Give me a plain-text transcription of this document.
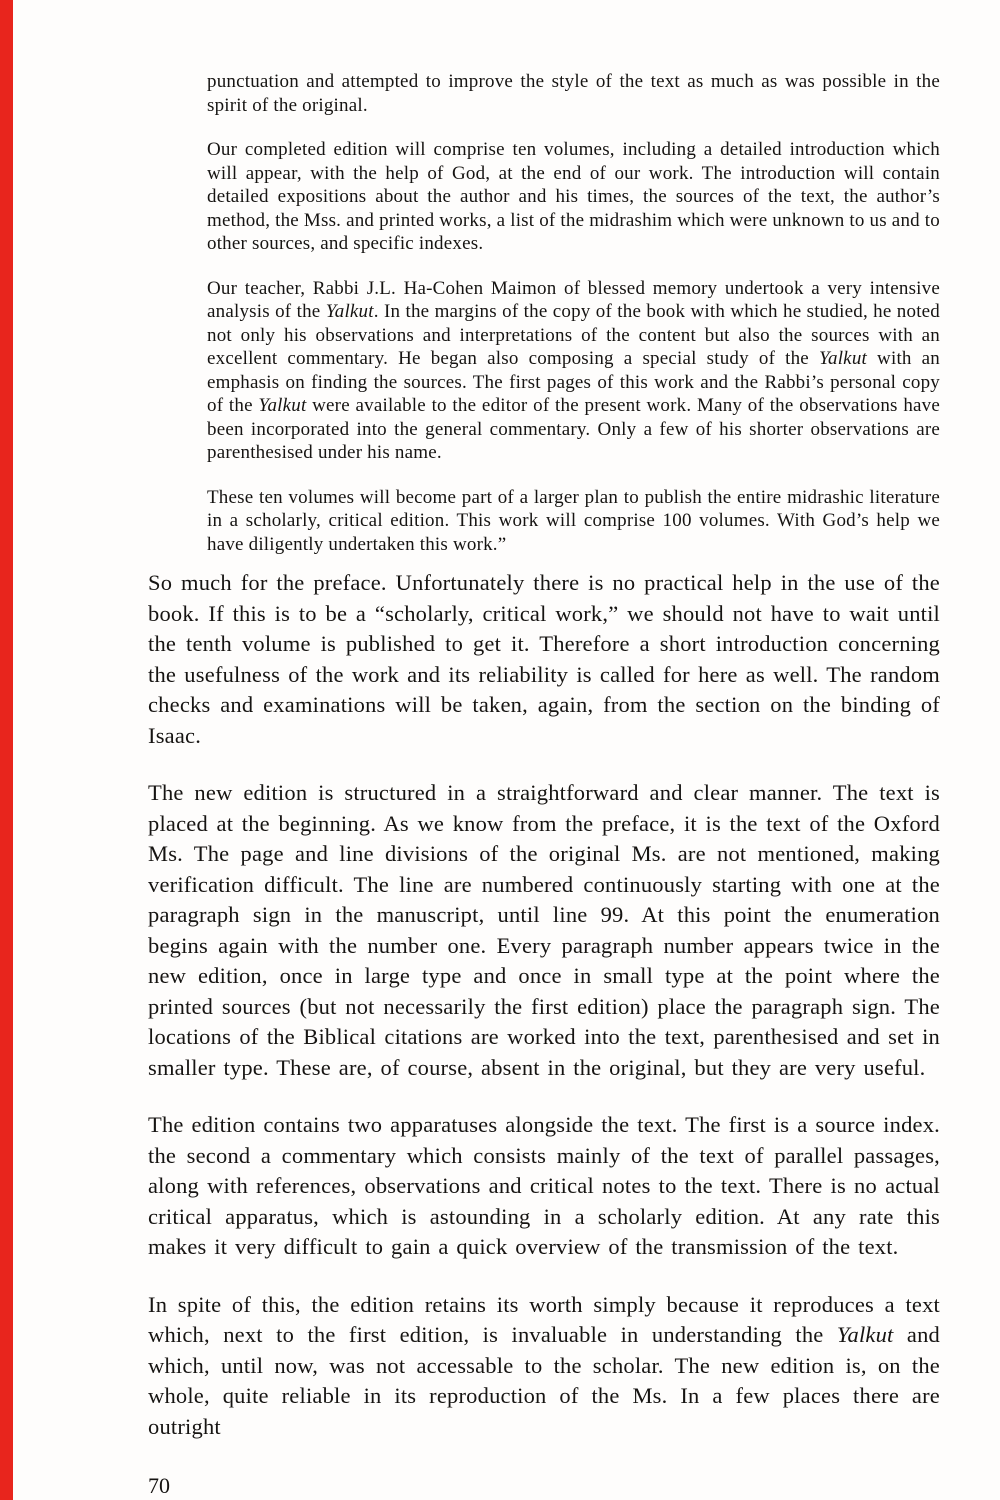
punctuation and attempted to improve the style of the text as much as was possible in the spirit of the original.

Our completed edition will comprise ten volumes, including a detailed introduction which will appear, with the help of God, at the end of our work. The introduction will contain detailed expositions about the author and his times, the sources of the text, the author’s method, the Mss. and printed works, a list of the midrashim which were unknown to us and to other sources, and specific indexes.

Our teacher, Rabbi J.L. Ha-Cohen Maimon of blessed memory undertook a very intensive analysis of the Yalkut. In the margins of the copy of the book with which he studied, he noted not only his observations and interpretations of the content but also the sources with an excellent commentary. He began also composing a special study of the Yalkut with an emphasis on finding the sources. The first pages of this work and the Rabbi’s personal copy of the Yalkut were available to the editor of the present work. Many of the observations have been incorporated into the general commentary. Only a few of his shorter observations are parenthesised under his name.

These ten volumes will become part of a larger plan to publish the entire midrashic literature in a scholarly, critical edition. This work will comprise 100 volumes. With God’s help we have diligently undertaken this work.”

So much for the preface. Unfortunately there is no practical help in the use of the book. If this is to be a “scholarly, critical work,” we should not have to wait until the tenth volume is published to get it. Therefore a short introduction concerning the usefulness of the work and its reliability is called for here as well. The random checks and examinations will be taken, again, from the section on the binding of Isaac.

The new edition is structured in a straightforward and clear manner. The text is placed at the beginning. As we know from the preface, it is the text of the Oxford Ms. The page and line divisions of the original Ms. are not mentioned, making verification difficult. The line are numbered continuously starting with one at the paragraph sign in the manuscript, until line 99. At this point the enumeration begins again with the number one. Every paragraph number appears twice in the new edition, once in large type and once in small type at the point where the printed sources (but not necessarily the first edition) place the paragraph sign. The locations of the Biblical citations are worked into the text, parenthesised and set in smaller type. These are, of course, absent in the original, but they are very useful.

The edition contains two apparatuses alongside the text. The first is a source index. the second a commentary which consists mainly of the text of parallel passages, along with references, observations and critical notes to the text. There is no actual critical apparatus, which is astounding in a scholarly edition. At any rate this makes it very difficult to gain a quick overview of the transmission of the text.

In spite of this, the edition retains its worth simply because it reproduces a text which, next to the first edition, is invaluable in understanding the Yalkut and which, until now, was not accessable to the scholar. The new edition is, on the whole, quite reliable in its reproduction of the Ms. In a few places there are outright

70
